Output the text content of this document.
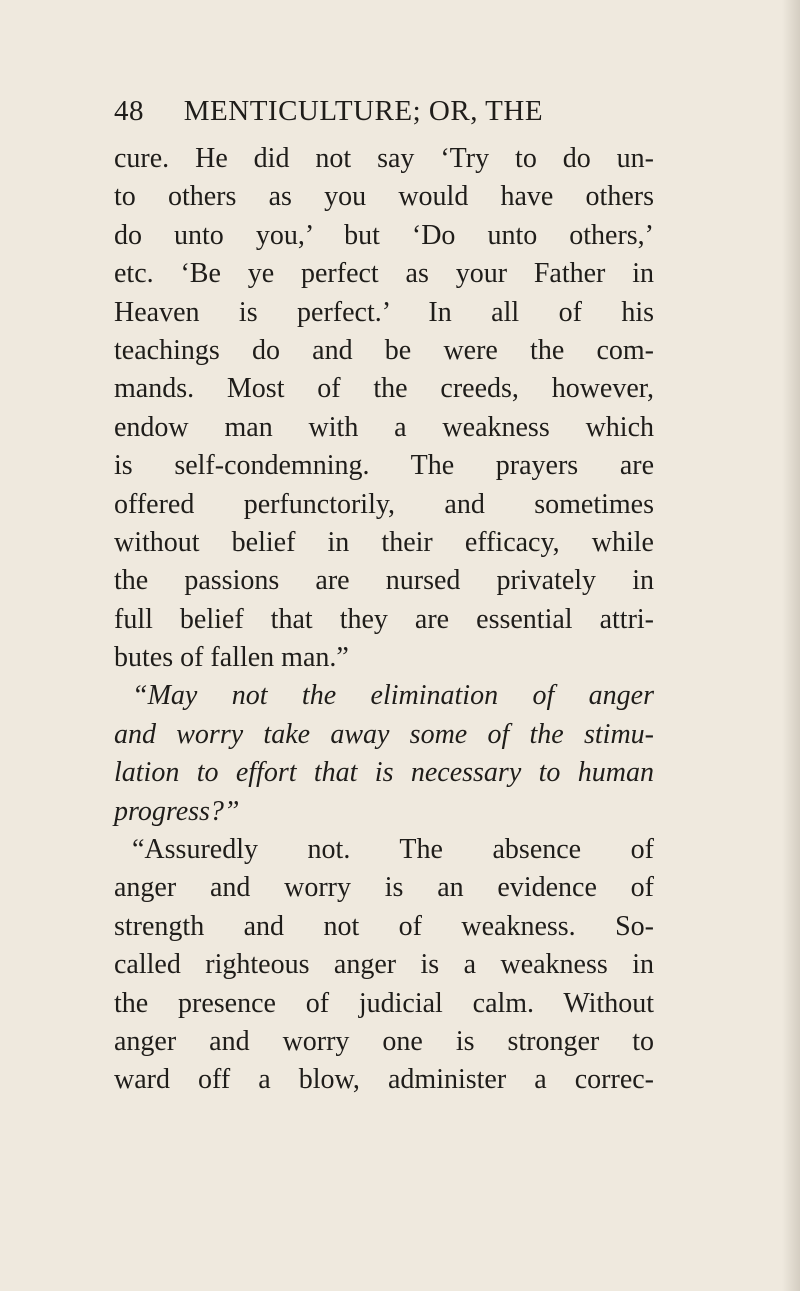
48 MENTICULTURE; OR, THE
cure. He did not say ‘Try to do un-
to others as you would have others
do unto you,’ but ‘Do unto others,’
etc. ‘Be ye perfect as your Father in
Heaven is perfect.’ In all of his
teachings do and be were the com-
mands. Most of the creeds, however,
endow man with a weakness which
is self-condemning. The prayers are
offered perfunctorily, and sometimes
without belief in their efficacy, while
the passions are nursed privately in
full belief that they are essential attri-
butes of fallen man.”
“May not the elimination of anger
and worry take away some of the stimu-
lation to effort that is necessary to human
progress?”
“Assuredly not. The absence of
anger and worry is an evidence of
strength and not of weakness. So-
called righteous anger is a weakness in
the presence of judicial calm. Without
anger and worry one is stronger to
ward off a blow, administer a correc-
